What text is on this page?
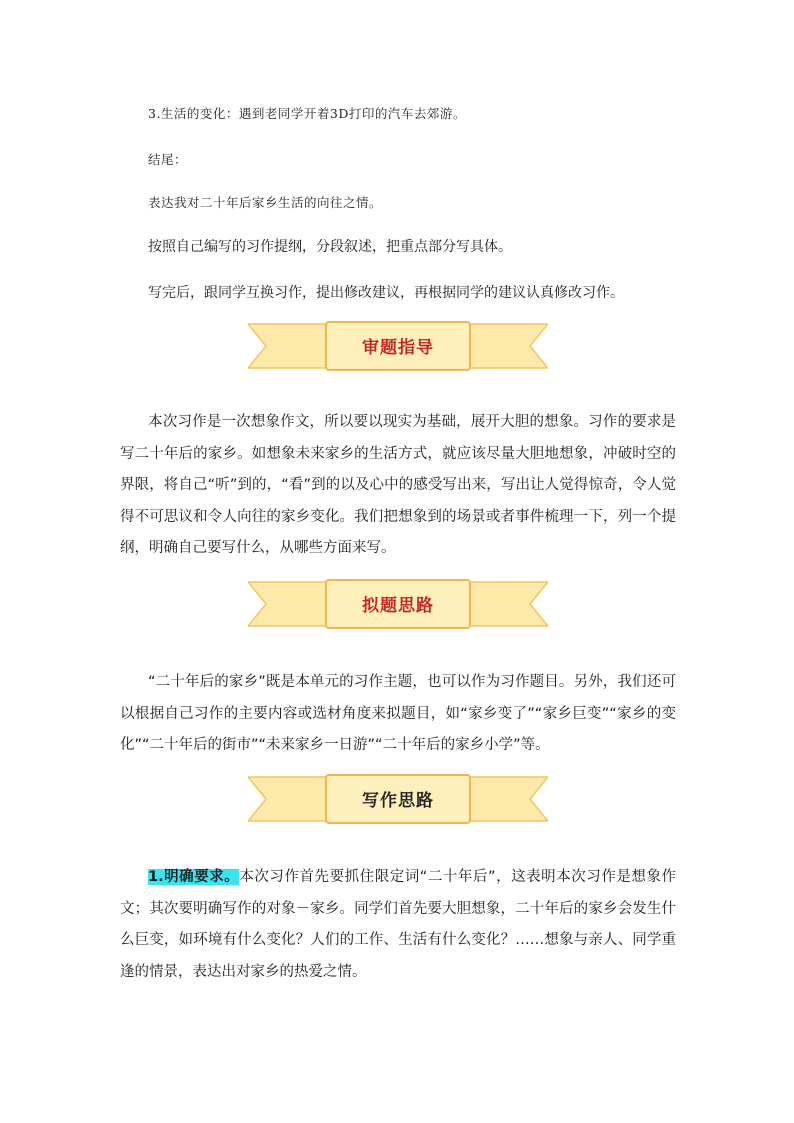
3.生活的变化：遇到老同学开着3D打印的汽车去郊游。
结尾：
表达我对二十年后家乡生活的向往之情。
按照自己编写的习作提纲，分段叙述，把重点部分写具体。
写完后，跟同学互换习作，提出修改建议，再根据同学的建议认真修改习作。
审题指导
本次习作是一次想象作文，所以要以现实为基础，展开大胆的想象。习作的要求是写二十年后的家乡。如想象未来家乡的生活方式，就应该尽量大胆地想象，冲破时空的界限，将自己“听”到的，“看”到的以及心中的感受写出来，写出让人觉得惊奇，令人觉得不可思议和令人向往的家乡变化。我们把想象到的场景或者事件梳理一下，列一个提纲，明确自己要写什么，从哪些方面来写。
拟题思路
“二十年后的家乡”既是本单元的习作主题，也可以作为习作题目。另外，我们还可以根据自己习作的主要内容或选材角度来拟题目，如“家乡变了”“家乡巨变”“家乡的变化”“二十年后的街市”“未来家乡一日游”“二十年后的家乡小学”等。
写作思路
1.明确要求。本次习作首先要抓住限定词“二十年后”，这表明本次习作是想象作文；其次要明确写作的对象－家乡。同学们首先要大胆想象，二十年后的家乡会发生什么巨变，如环境有什么变化？人们的工作、生活有什么变化？……想象与亲人、同学重逢的情景，表达出对家乡的热爱之情。
